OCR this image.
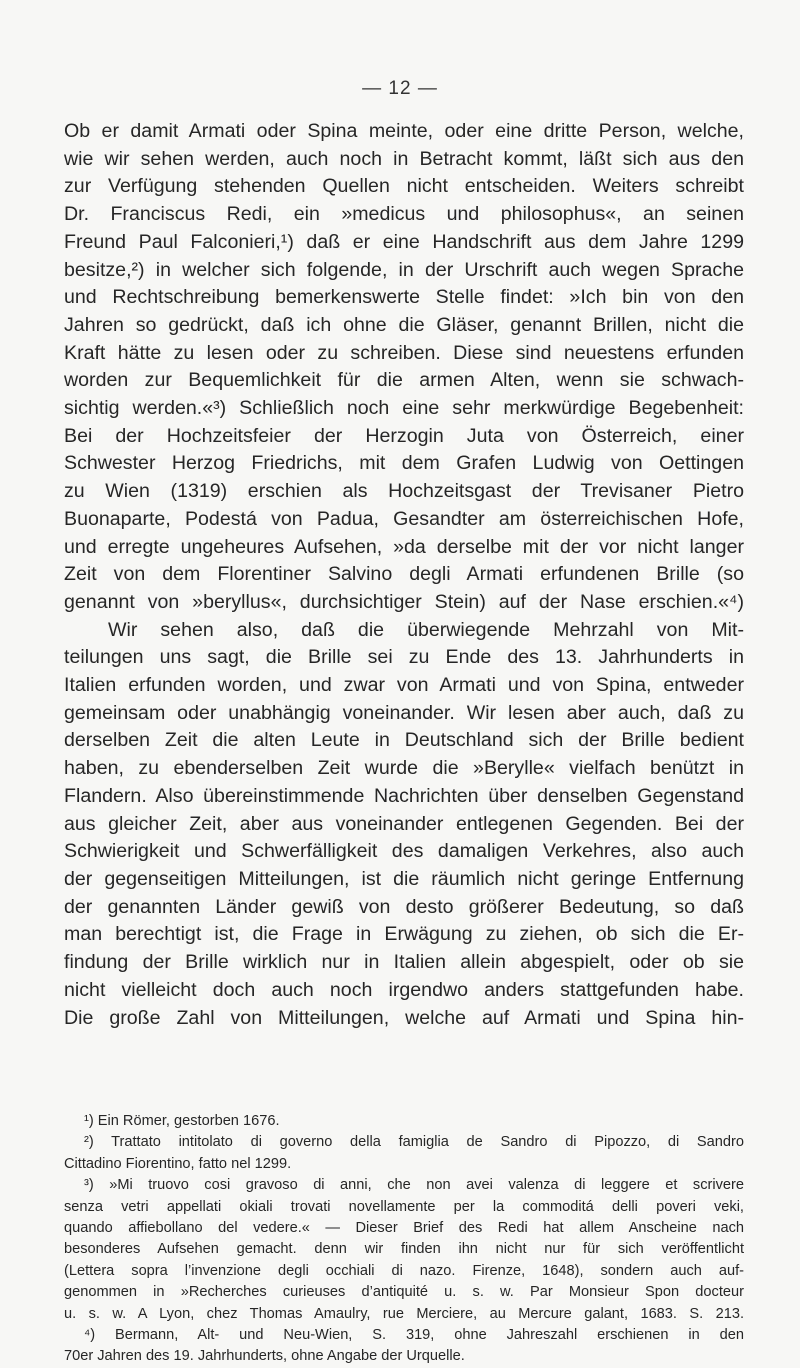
— 12 —
Ob er damit Armati oder Spina meinte, oder eine dritte Person, welche,
wie wir sehen werden, auch noch in Betracht kommt, läßt sich aus den
zur Verfügung stehenden Quellen nicht entscheiden. Weiters schreibt
Dr. Franciscus Redi, ein »medicus und philosophus«, an seinen
Freund Paul Falconieri,¹) daß er eine Handschrift aus dem Jahre 1299
besitze,²) in welcher sich folgende, in der Urschrift auch wegen Sprache
und Rechtschreibung bemerkenswerte Stelle findet: »Ich bin von den
Jahren so gedrückt, daß ich ohne die Gläser, genannt Brillen, nicht die
Kraft hätte zu lesen oder zu schreiben. Diese sind neuestens erfunden
worden zur Bequemlichkeit für die armen Alten, wenn sie schwach-
sichtig werden.«³) Schließlich noch eine sehr merkwürdige Begebenheit:
Bei der Hochzeitsfeier der Herzogin Juta von Österreich, einer
Schwester Herzog Friedrichs, mit dem Grafen Ludwig von Oettingen
zu Wien (1319) erschien als Hochzeitsgast der Trevisaner Pietro
Buonaparte, Podestá von Padua, Gesandter am österreichischen Hofe,
und erregte ungeheures Aufsehen, »da derselbe mit der vor nicht langer
Zeit von dem Florentiner Salvino degli Armati erfundenen Brille (so
genannt von »beryllus«, durchsichtiger Stein) auf der Nase erschien.«⁴)
Wir sehen also, daß die überwiegende Mehrzahl von Mit-
teilungen uns sagt, die Brille sei zu Ende des 13. Jahrhunderts in
Italien erfunden worden, und zwar von Armati und von Spina, entweder
gemeinsam oder unabhängig voneinander. Wir lesen aber auch, daß zu
derselben Zeit die alten Leute in Deutschland sich der Brille bedient
haben, zu ebenderselben Zeit wurde die »Berylle« vielfach benützt in
Flandern. Also übereinstimmende Nachrichten über denselben Gegenstand
aus gleicher Zeit, aber aus voneinander entlegenen Gegenden. Bei der
Schwierigkeit und Schwerfälligkeit des damaligen Verkehres, also auch
der gegenseitigen Mitteilungen, ist die räumlich nicht geringe Entfernung
der genannten Länder gewiß von desto größerer Bedeutung, so daß
man berechtigt ist, die Frage in Erwägung zu ziehen, ob sich die Er-
findung der Brille wirklich nur in Italien allein abgespielt, oder ob sie
nicht vielleicht doch auch noch irgendwo anders stattgefunden habe.
Die große Zahl von Mitteilungen, welche auf Armati und Spina hin-
¹) Ein Römer, gestorben 1676.
²) Trattato intitolato di governo della famiglia de Sandro di Pipozzo, di Sandro
Cittadino Fiorentino, fatto nel 1299.
³) »Mi truovo cosi gravoso di anni, che non avei valenza di leggere et scrivere
senza vetri appellati okiali trovati novellamente per la commoditá delli poveri veki,
quando affiebollano del vedere.« — Dieser Brief des Redi hat allem Anscheine nach
besonderes Aufsehen gemacht. denn wir finden ihn nicht nur für sich veröffentlicht
(Lettera sopra l’invenzione degli occhiali di nazo. Firenze, 1648), sondern auch auf-
genommen in »Recherches curieuses d’antiquité u. s. w. Par Monsieur Spon docteur
u. s. w. A Lyon, chez Thomas Amaulry, rue Merciere, au Mercure galant, 1683. S. 213.
⁴) Bermann, Alt- und Neu-Wien, S. 319, ohne Jahreszahl erschienen in den
70er Jahren des 19. Jahrhunderts, ohne Angabe der Urquelle.
